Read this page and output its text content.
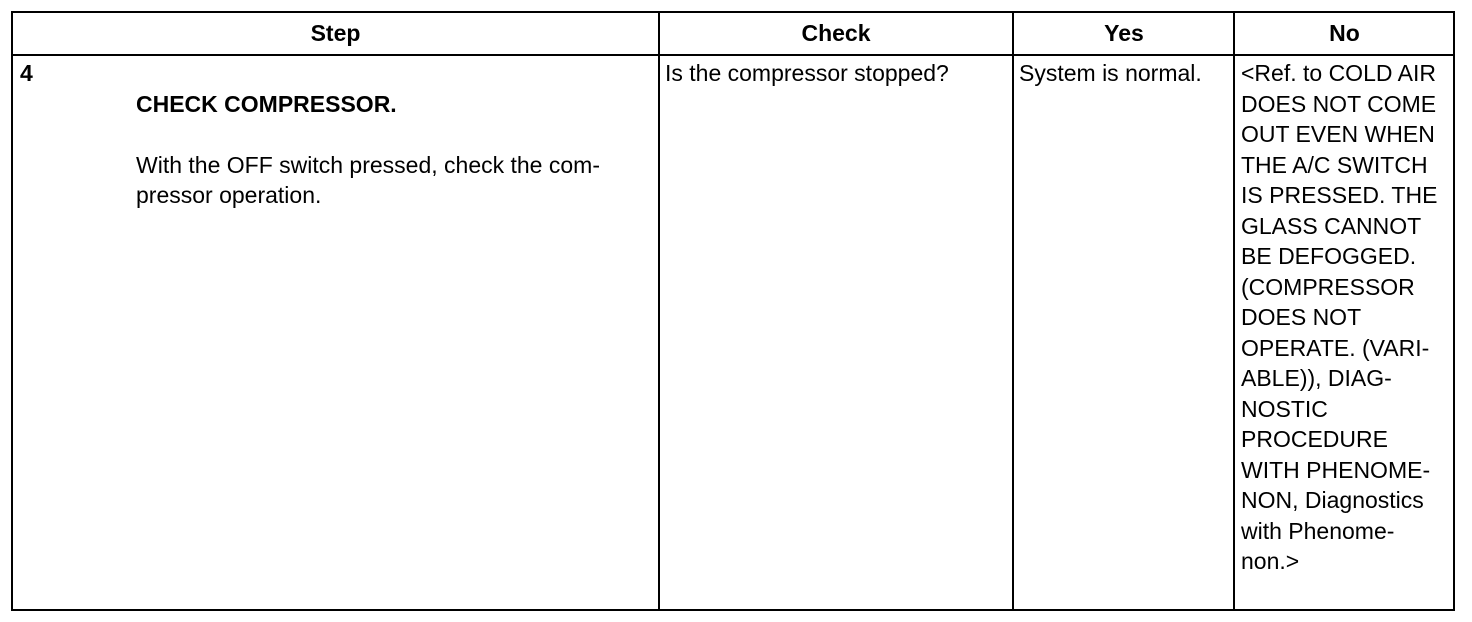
Step	Check	Yes	No
4

CHECK COMPRESSOR.

With the OFF switch pressed, check the com-
pressor operation.

Is the compressor stopped?	System is normal.	<Ref. to COLD AIR
DOES NOT COME
OUT EVEN WHEN
THE A/C SWITCH
IS PRESSED. THE
GLASS CANNOT
BE DEFOGGED.
(COMPRESSOR
DOES NOT
OPERATE. (VARI-
ABLE)), DIAG-
NOSTIC
PROCEDURE
WITH PHENOME-
NON, Diagnostics
with Phenome-
non.>
